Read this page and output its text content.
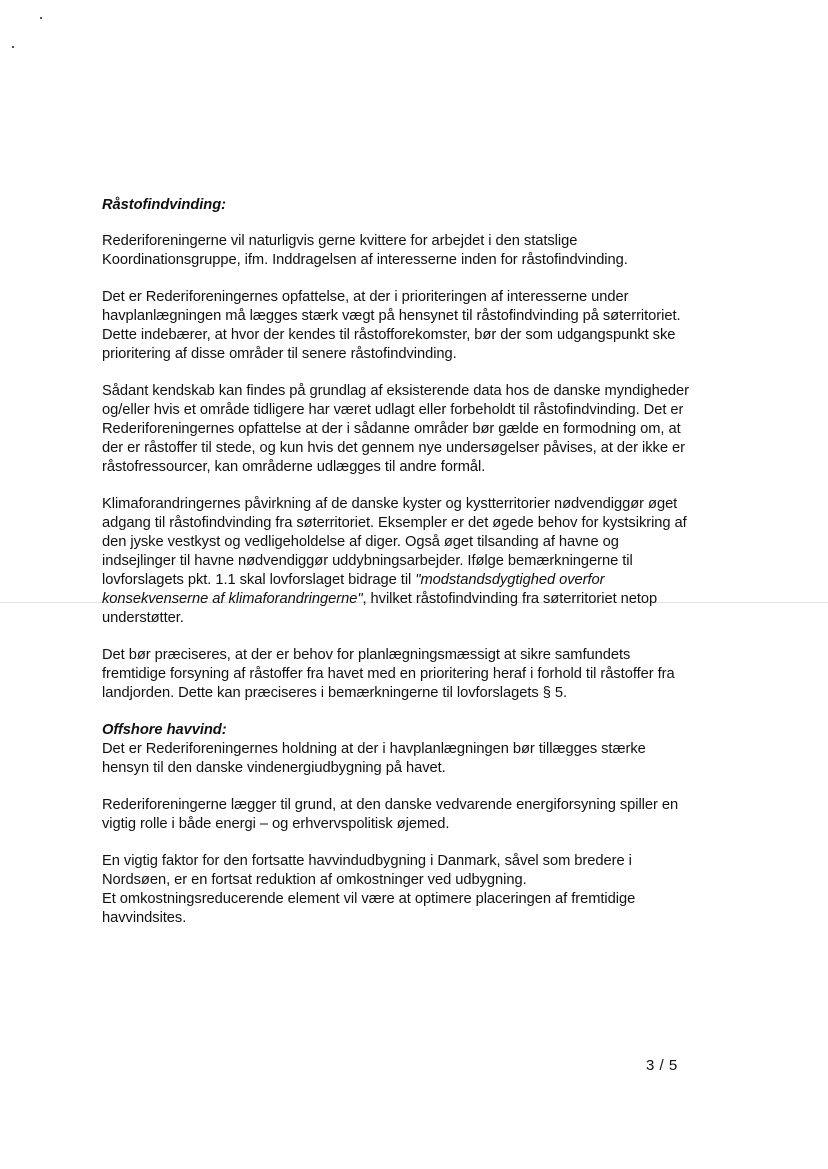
Råstofindvinding:

Rederiforeningerne vil naturligvis gerne kvittere for arbejdet i den statslige Koordinationsgruppe, ifm. Inddragelsen af interesserne inden for råstofindvinding.

Det er Rederiforeningernes opfattelse, at der i prioriteringen af interesserne under havplanlægningen må lægges stærk vægt på hensynet til råstofindvinding på søterritoriet. Dette indebærer, at hvor der kendes til råstofforekomster, bør der som udgangspunkt ske prioritering af disse områder til senere råstofindvinding.

Sådant kendskab kan findes på grundlag af eksisterende data hos de danske myndigheder og/eller hvis et område tidligere har været udlagt eller forbeholdt til råstofindvinding. Det er Rederiforeningernes opfattelse at der i sådanne områder bør gælde en formodning om, at der er råstoffer til stede, og kun hvis det gennem nye undersøgelser påvises, at der ikke er råstofressourcer, kan områderne udlægges til andre formål.

Klimaforandringernes påvirkning af de danske kyster og kystterritorier nødvendiggør øget adgang til råstofindvinding fra søterritoriet. Eksempler er det øgede behov for kystsikring af den jyske vestkyst og vedligeholdelse af diger. Også øget tilsanding af havne og indsejlinger til havne nødvendiggør uddybningsarbejder. Ifølge bemærkningerne til lovforslagets pkt. 1.1 skal lovforslaget bidrage til "modstandsdygtighed overfor konsekvenserne af klimaforandringerne", hvilket råstofindvinding fra søterritoriet netop understøtter.

Det bør præciseres, at der er behov for planlægningsmæssigt at sikre samfundets fremtidige forsyning af råstoffer fra havet med en prioritering heraf i forhold til råstoffer fra landjorden. Dette kan præciseres i bemærkningerne til lovforslagets § 5.

Offshore havvind:

Det er Rederiforeningernes holdning at der i havplanlægningen bør tillægges stærke hensyn til den danske vindenergiudbygning på havet.

Rederiforeningerne lægger til grund, at den danske vedvarende energiforsyning spiller en vigtig rolle i både energi – og erhvervspolitisk øjemed.

En vigtig faktor for den fortsatte havvindudbygning i Danmark, såvel som bredere i Nordsøen, er en fortsat reduktion af omkostninger ved udbygning.

Et omkostningsreducerende element vil være at optimere placeringen af fremtidige havvindsites.

3 / 5
